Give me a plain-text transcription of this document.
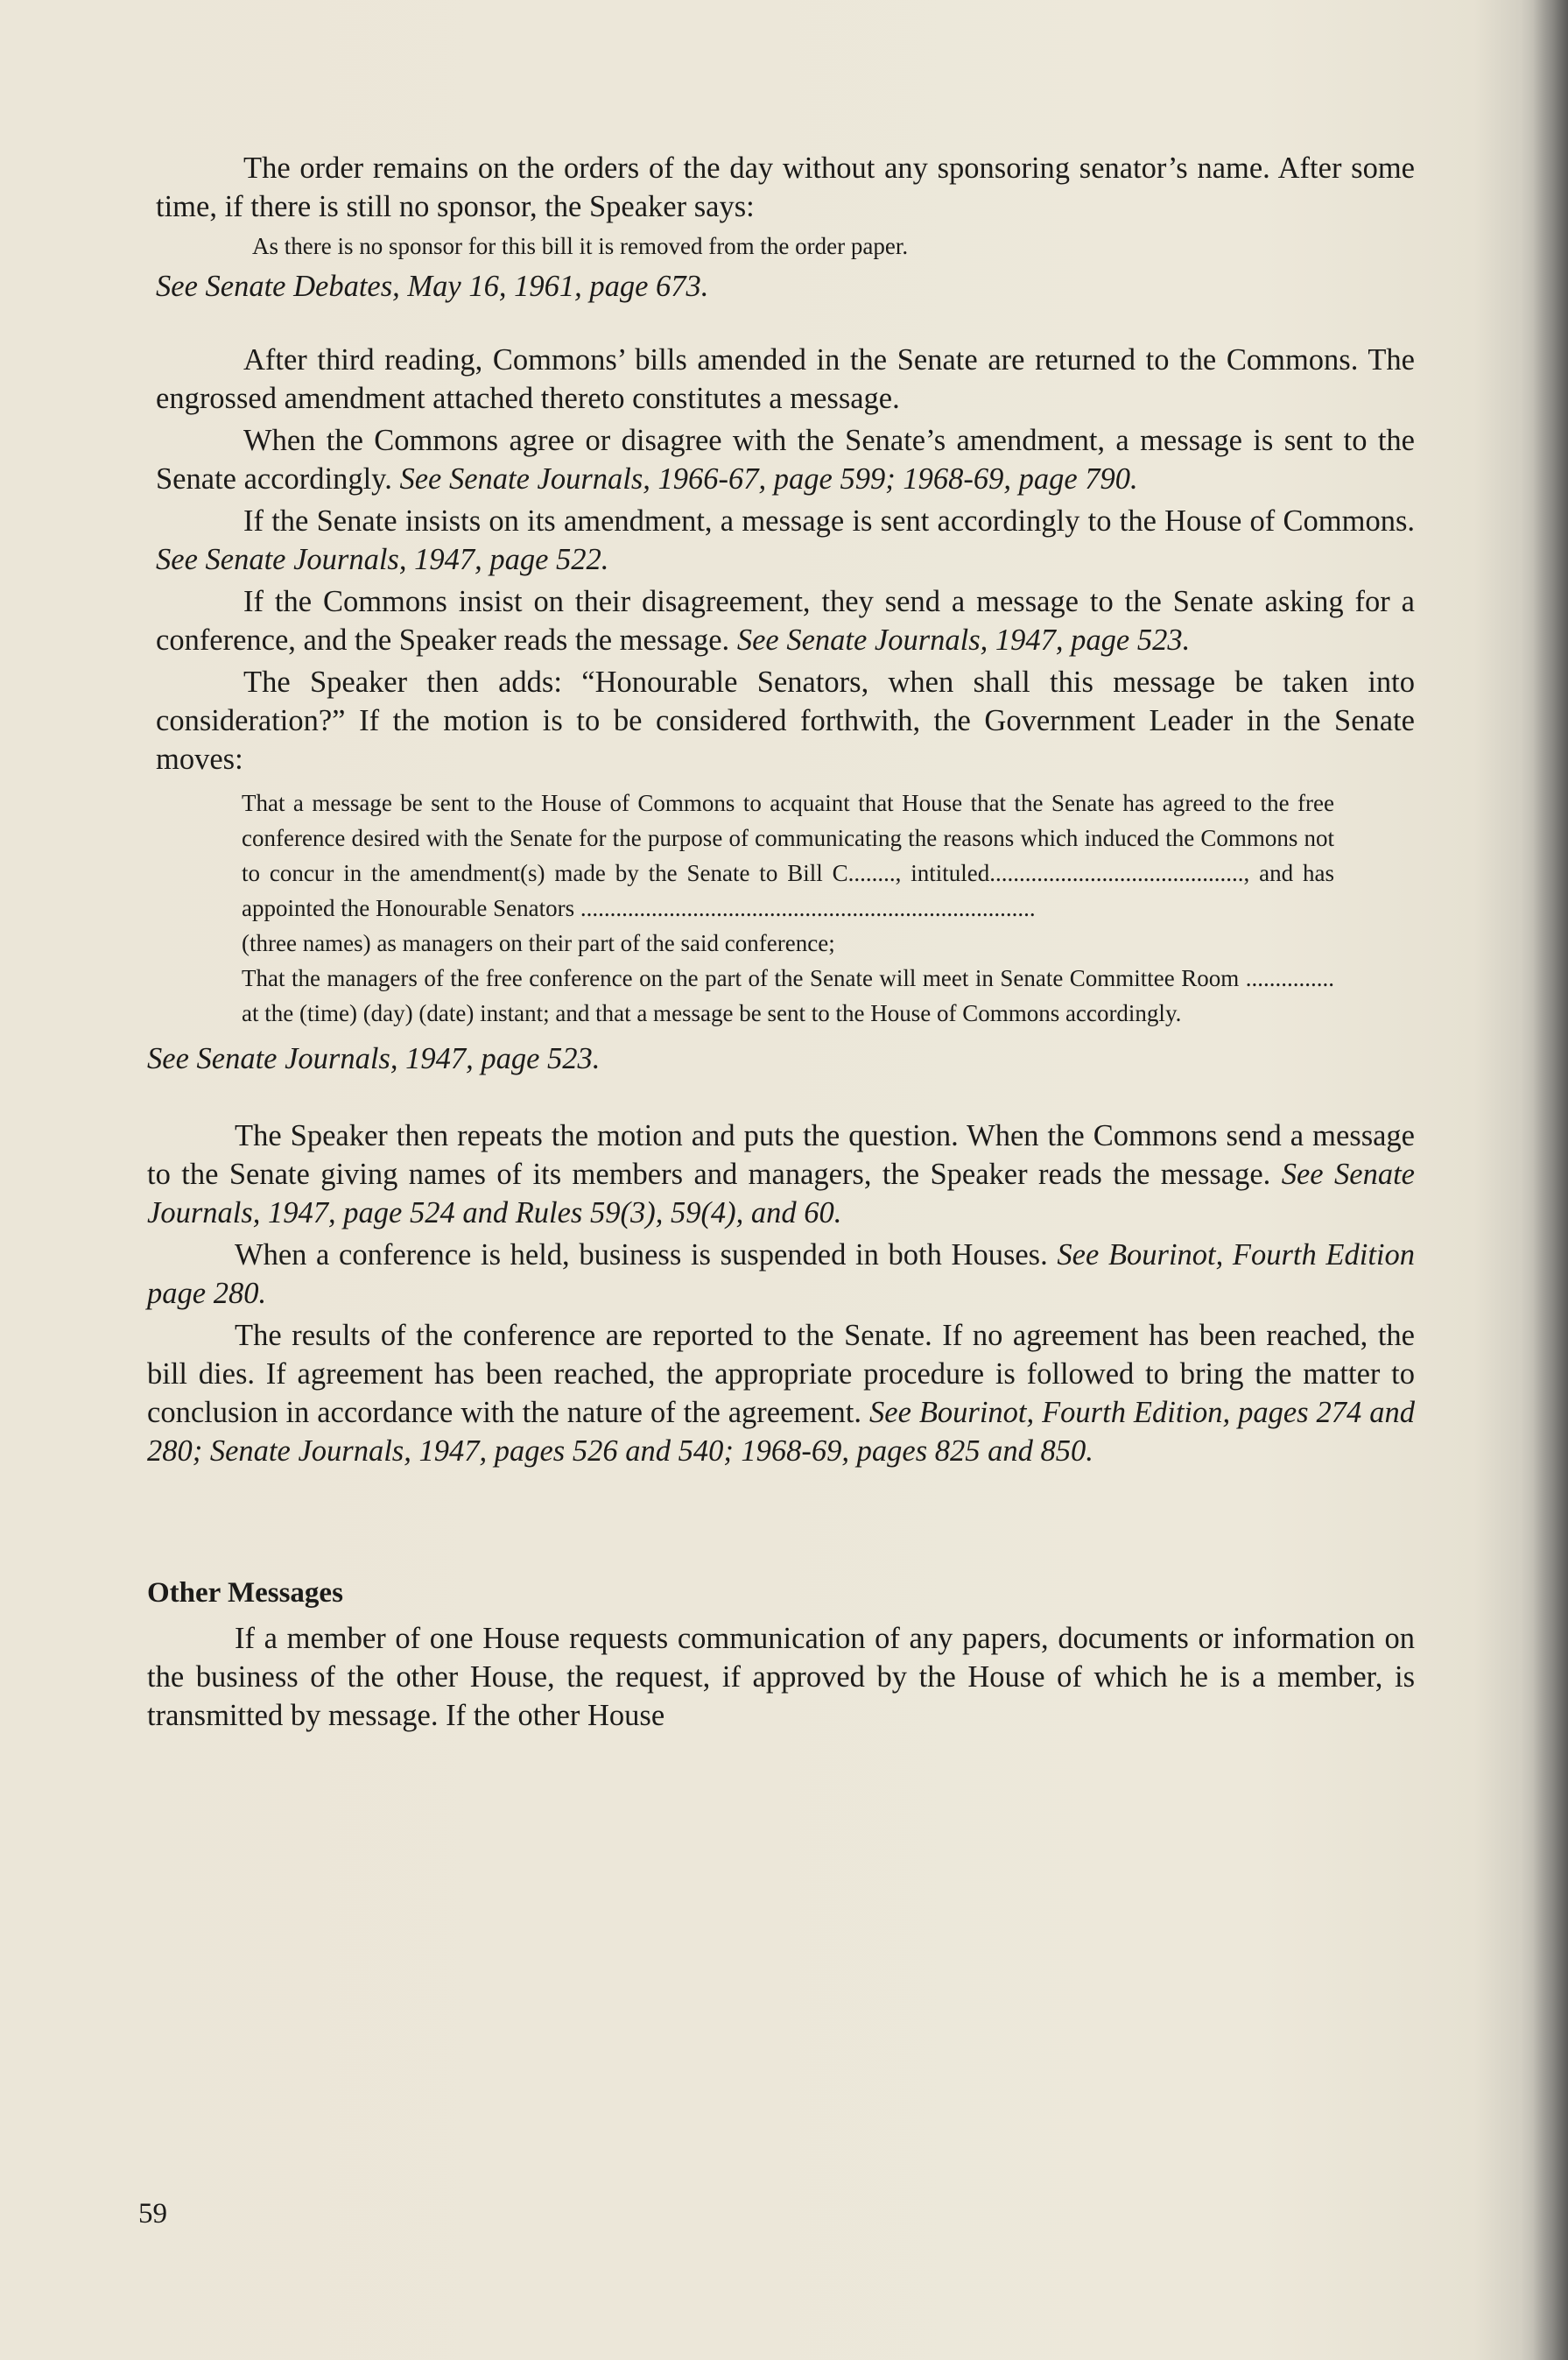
The order remains on the orders of the day without any sponsoring senator’s name. After some time, if there is still no sponsor, the Speaker says:

As there is no sponsor for this bill it is removed from the order paper.

See Senate Debates, May 16, 1961, page 673.

After third reading, Commons’ bills amended in the Senate are returned to the Commons. The engrossed amendment attached thereto constitutes a message.

When the Commons agree or disagree with the Senate’s amendment, a message is sent to the Senate accordingly. See Senate Journals, 1966-67, page 599; 1968-69, page 790.

If the Senate insists on its amendment, a message is sent accordingly to the House of Commons. See Senate Journals, 1947, page 522.

If the Commons insist on their disagreement, they send a message to the Senate asking for a conference, and the Speaker reads the message. See Senate Journals, 1947, page 523.

The Speaker then adds: “Honourable Senators, when shall this message be taken into consideration?” If the motion is to be considered forthwith, the Government Leader in the Senate moves:

That a message be sent to the House of Commons to acquaint that House that the Senate has agreed to the free conference desired with the Senate for the purpose of communicating the reasons which induced the Commons not to concur in the amendment(s) made by the Senate to Bill C........, intituled..........................................., and has appointed the Honourable Senators .............................................................................
(three names) as managers on their part of the said conference;
That the managers of the free conference on the part of the Senate will meet in Senate Committee Room ............... at the (time) (day) (date) instant; and that a message be sent to the House of Commons accordingly.

See Senate Journals, 1947, page 523.

The Speaker then repeats the motion and puts the question. When the Commons send a message to the Senate giving names of its members and managers, the Speaker reads the message. See Senate Journals, 1947, page 524 and Rules 59(3), 59(4), and 60.

When a conference is held, business is suspended in both Houses. See Bourinot, Fourth Edition page 280.

The results of the conference are reported to the Senate. If no agreement has been reached, the bill dies. If agreement has been reached, the appropriate procedure is followed to bring the matter to conclusion in accordance with the nature of the agreement. See Bourinot, Fourth Edition, pages 274 and 280; Senate Journals, 1947, pages 526 and 540; 1968-69, pages 825 and 850.

Other Messages

If a member of one House requests communication of any papers, documents or information on the business of the other House, the request, if approved by the House of which he is a member, is transmitted by message. If the other House

59
